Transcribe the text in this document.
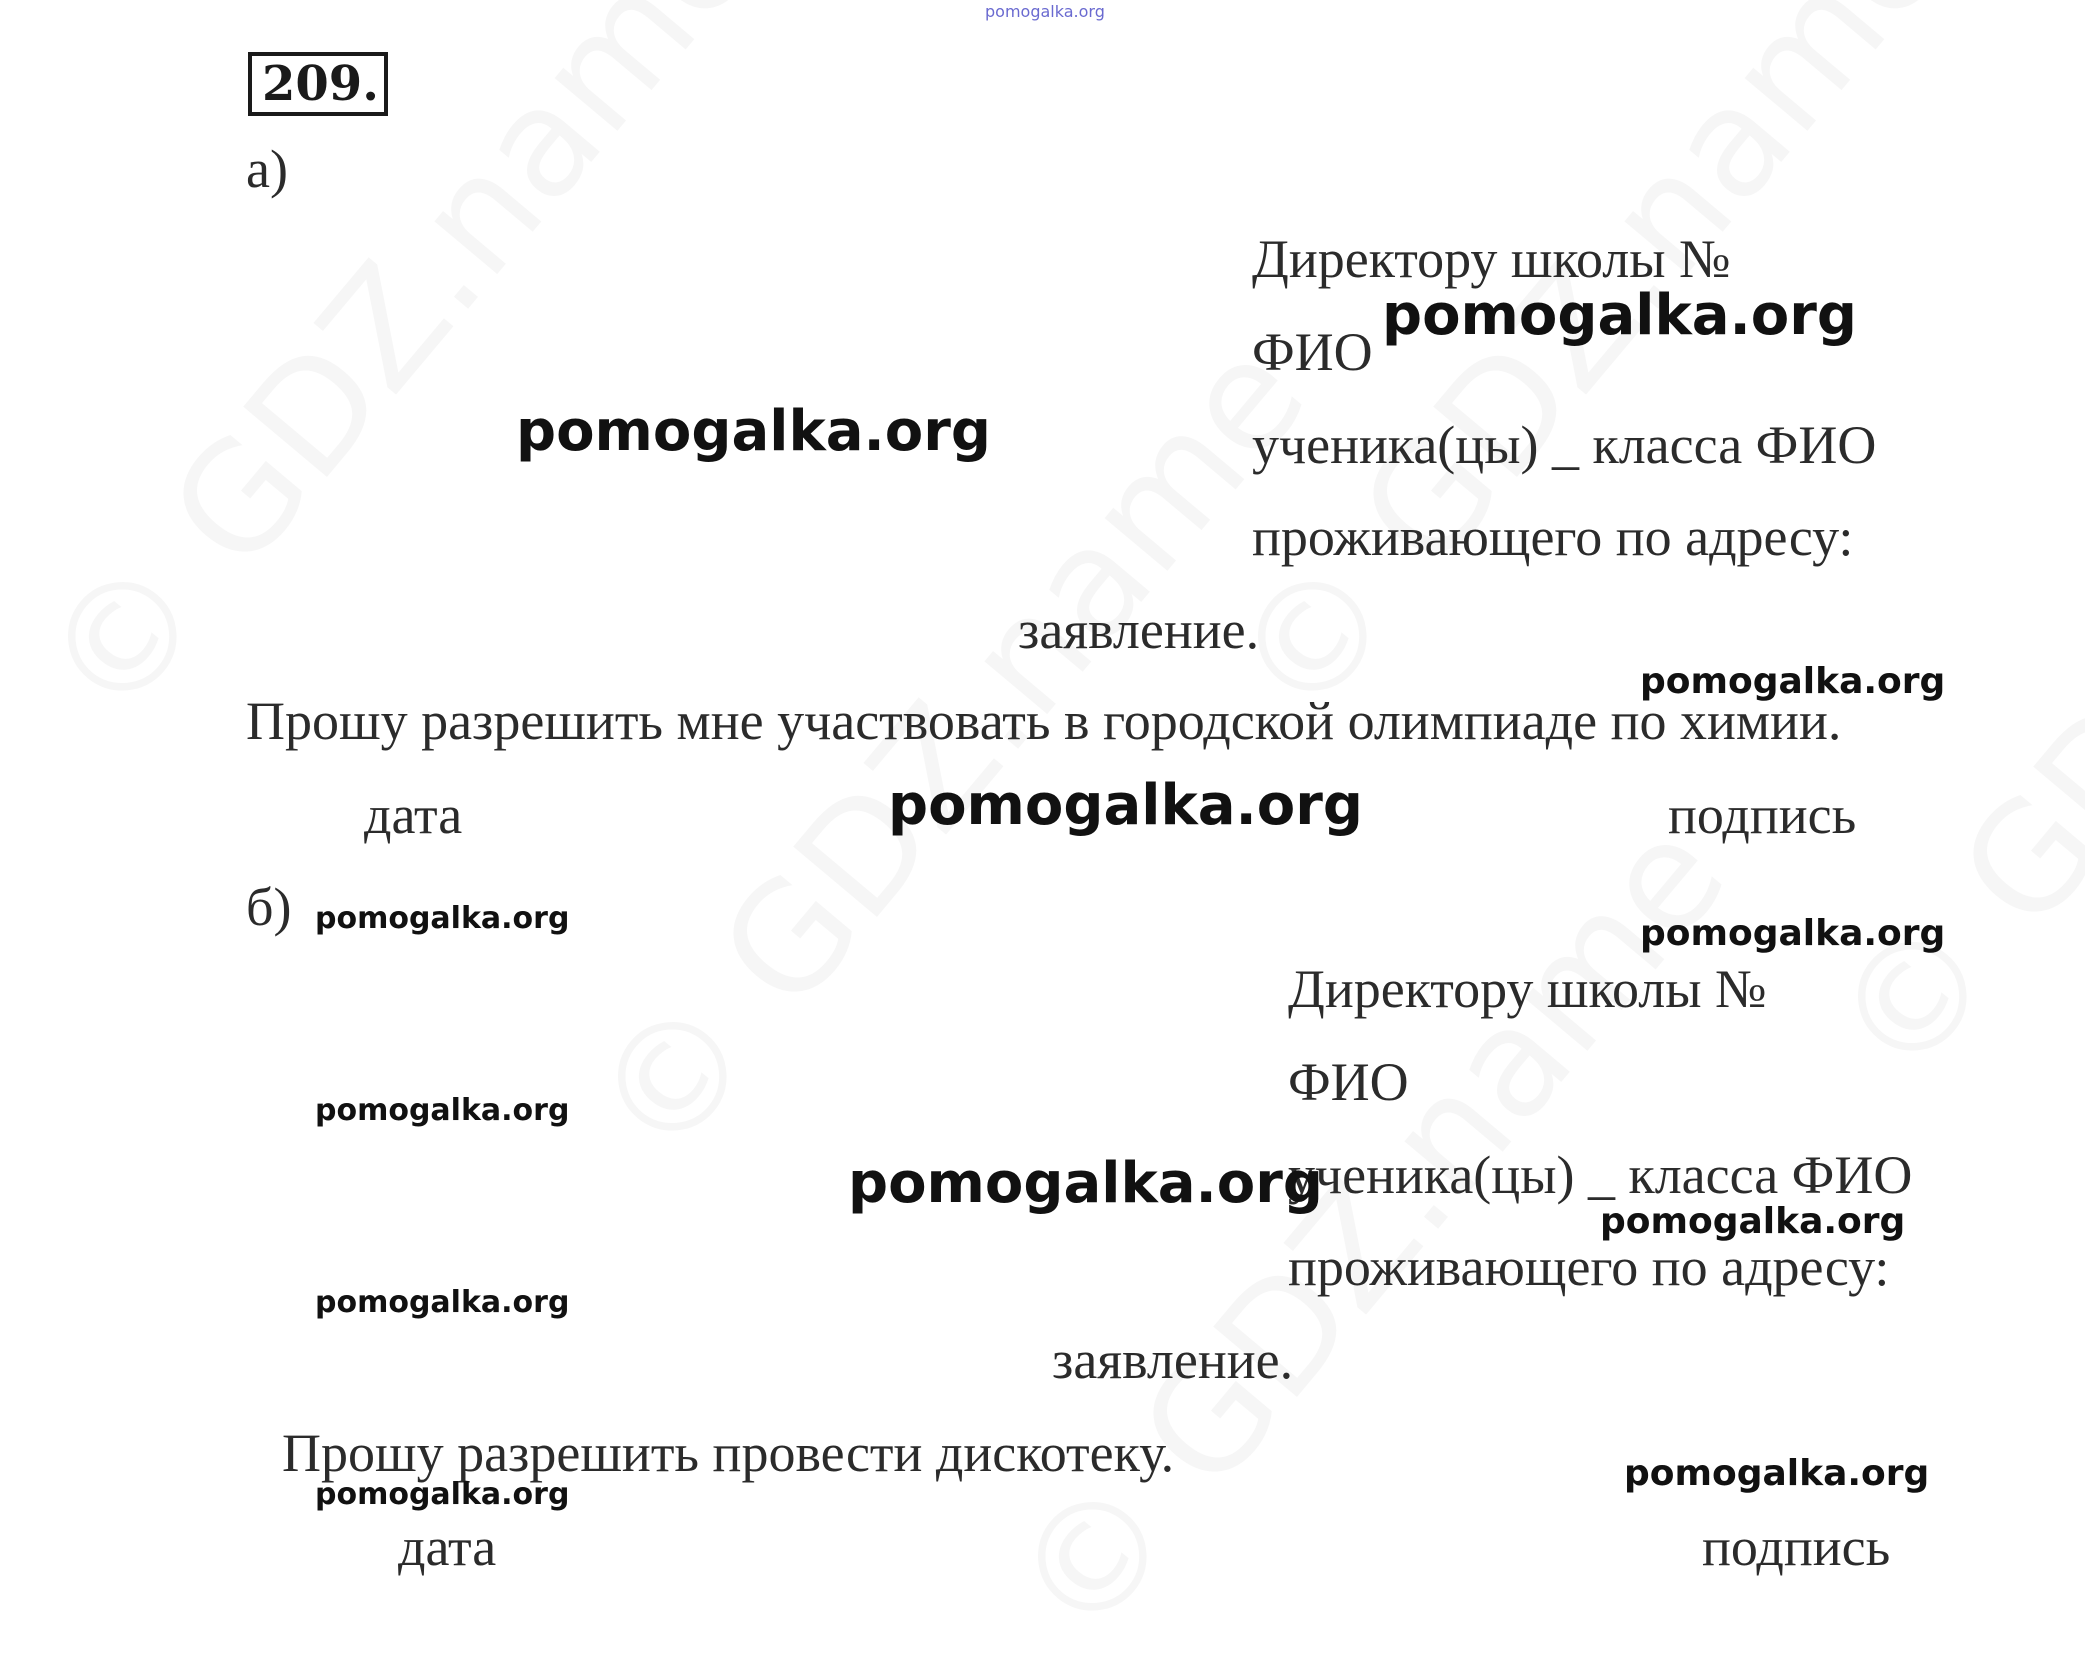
pomogalka.org
209.
а)
Директору школы №
ФИО
ученика(цы) _ класса ФИО
проживающего по адресу:
заявление.
Прошу разрешить мне участвовать в городской олимпиаде по химии.
дата	подпись
б)
Директору школы №
ФИО
ученика(цы) _ класса ФИО
проживающего по адресу:
заявление.
Прошу разрешить провести дискотеку.
дата	подпись
pomogalka.org
pomogalka.org
pomogalka.org
pomogalka.org
pomogalka.org	pomogalka.org
pomogalka.org
pomogalka.org
pomogalka.org
pomogalka.org
pomogalka.org
pomogalka.org
